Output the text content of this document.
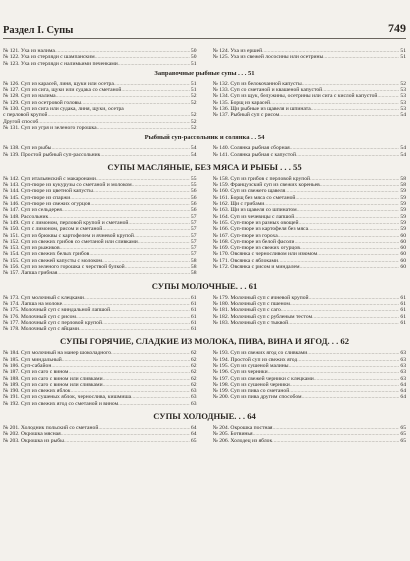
Раздел I. Супы	749
№ 121. Уха из налима .....	50
№ 122. Уха из стерляди с шампанским .....	50
№ 123. Уха из стерляди с налимьими печенками .....	51
№ 124. Уха из ершей .....	51
№ 125. Уха из свежей лососины или осетрины .....	51
Заправочные рыбные супы . . . 51
№ 126. Суп из карасей, линя, щуки или осетра .....	51
№ 127. Суп из сига, щуки или судака со сметаной .....	51
№ 128. Суп из налима .....	52
№ 129. Суп из осетровой головы .....	52
№ 130. Суп из сига или судака, линя, щуки, осетра
с перловой крупой .....	52
Другой способ .....	52
№ 131. Суп из угря и зеленого горошка .....	52
№ 132. Суп из белокочанной капусты .....	52
№ 133. Суп со сметаной и квашеной капустой .....	53
№ 134. Суп из щук, белужины, осетрины или сига с кислой капустой .....	53
№ 135. Борщ из карасей .....	53
№ 136. Щи рыбные из щавеля и шпината .....	53
№ 137. Рыбный суп с рисом .....	54
Рыбный суп-рассольник и солянка . . 54
№ 138. Суп из рыбы .....	54
№ 139. Простой рыбный суп-рассольник .....	54
№ 140. Солянка рыбная сборная .....	54
№ 141. Солянка рыбная с капустой .....	54
СУПЫ МАСЛЯНЫЕ, БЕЗ МЯСА И РЫБЫ . . . 55
№ 142. Суп итальянский с макаронами .....	55
№ 143. Суп-пюре из кукурузы со сметаной и молоком .....	55
№ 144. Суп-пюре из цветной капусты .....	56
№ 145. Суп-пюре из спаржи .....	56
№ 146. Суп-пюре из свежих огурцов .....	56
№ 147. Суп из сельдерея .....	56
№ 148. Рассольник .....	57
№ 149. Суп с лимоном, перловой крупой и сметаной .....	57
№ 150. Суп с лимоном, рисом и сметаной .....	57
№ 151. Суп из брюквы с картофелем и ячневой крупой .....	57
№ 152. Суп из свежих грибов со сметаной или сливками .....	57
№ 153. Суп из рыжиков .....	57
№ 154. Суп из свежих белых грибов .....	57
№ 155. Суп из свежей капусты с молоком .....	58
№ 156. Суп из зеленого горошка с черствой булкой .....	58
№ 157. Лапша грибная .....	58
№ 158. Суп из грибов с перловой крупой .....	58
№ 159. Французский суп из свежих кореньев .....	58
№ 160. Суп из свежего щавеля .....	59
№ 161. Борщ без мяса со сметаной .....	59
№ 162. Щи с грибами .....	59
№ 163. Щи из щавеля со шпинатом .....	59
№ 164. Суп из чечевицы с лапшой .....	59
№ 165. Суп-пюре из разных овощей .....	59
№ 166. Суп-пюре из картофеля без мяса .....	59
№ 167. Суп-пюре из гороха .....	60
№ 168. Суп-пюре из белой фасоли .....	60
№ 169. Суп-пюре из свежих огурцов .....	60
№ 170. Овсянка с черносливом или изюмом .....	60
№ 171. Овсянка с яблоками .....	60
№ 172. Овсянка с рисом и миндалем .....	60
СУПЫ МОЛОЧНЫЕ. . . 61
№ 173. Суп молочный с клецками .....	61
№ 174. Лапша на молоке .....	61
№ 175. Молочный суп с миндальной лапшой .....	61
№ 176. Молочный суп с рисом .....	61
№ 177. Молочный суп с перловой крупой .....	61
№ 178. Молочный суп с яйцами .....	61
№ 179. Молочный суп с ячневой крупой .....	61
№ 180. Молочный суп с пшеном .....	61
№ 181. Молочный суп с саго .....	61
№ 182. Молочный суп с рубленым тестом .....	61
№ 183. Молочный суп с тыквой .....	61
СУПЫ ГОРЯЧИЕ, СЛАДКИЕ ИЗ МОЛОКА, ПИВА, ВИНА И ЯГОД. . . 62
№ 184. Суп молочный на манер шоколадного .....	62
№ 185. Суп миндальный .....	62
№ 186. Суп-сабайон .....	62
№ 187. Суп из саго с вином .....	62
№ 188. Суп из саго с вином или сливками .....	62
№ 189. Суп из саго с вином или сливками .....	62
№ 190. Суп из свежих яблок .....	63
№ 191. Суп из сушеных яблок, чернослива, кишмиша .....	63
№ 192. Суп из свежих ягод со сметаной и вином .....	63
№ 193. Суп из свежих ягод со сливками .....	63
№ 194. Простой суп из свежих ягод .....	63
№ 195. Суп из сушеной малины .....	63
№ 196. Суп из черники .....	63
№ 197. Суп из свежей черники с клецками .....	63
№ 198. Суп из сушеной черники .....	64
№ 199. Суп из пива со сметаной .....	64
№ 200. Суп из пива другим способом .....	64
СУПЫ ХОЛОДНЫЕ. . . 64
№ 201. Холодник польский со сметаной .....	64
№ 202. Окрошка мясная .....	64
№ 203. Окрошка из рыбы .....	65
№ 204. Окрошка постная .....	65
№ 205. Ботвинья .....	65
№ 206. Холодец из яблок .....	65
